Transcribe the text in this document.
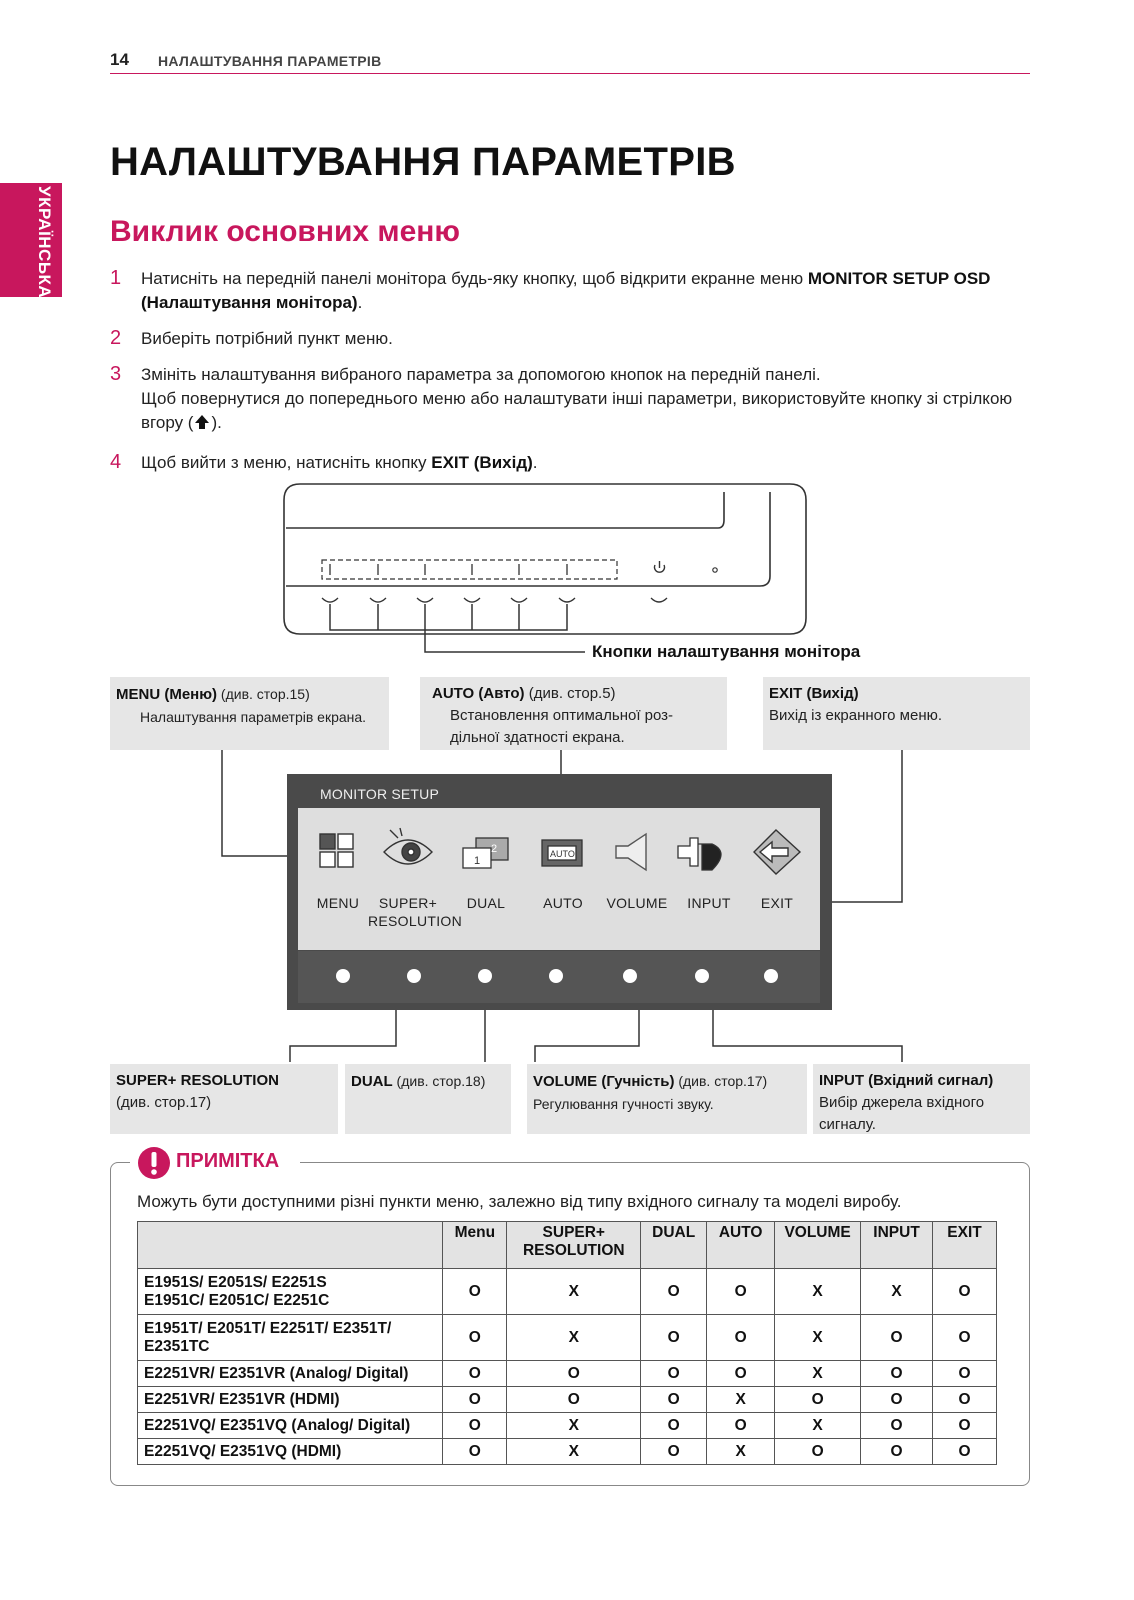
14 НАЛАШТУВАННЯ ПАРАМЕТРІВ
УКРАЇНСЬКА
НАЛАШТУВАННЯ ПАРАМЕТРІВ
Виклик основних меню
1 Натисніть на передній панелі монітора будь-яку кнопку, щоб відкрити екранне меню MONITOR SETUP OSD (Налаштування монітора).
2 Виберіть потрібний пункт меню.
3 Змініть налаштування вибраного параметра за допомогою кнопок на передній панелі.
Щоб повернутися до попереднього меню або налаштувати інші параметри, використовуйте кнопку зі стрілкою вгору ( ).
4 Щоб вийти з меню, натисніть кнопку EXIT (Вихід).
Кнопки налаштування монітора
MENU (Меню) (див. стор.15)
Налаштування параметрів екрана.
AUTO (Авто) (див. стор.5)
Встановлення оптимальної роз-
дільної здатності екрана.
EXIT (Вихід)
Вихід із екранного меню.
MONITOR SETUP
1
2	AUTO
MENU	SUPER+
RESOLUTION
DUAL	AUTO	VOLUME	INPUT	EXIT
SUPER+ RESOLUTION
(див. стор.17)
DUAL (див. стор.18)	VOLUME (Гучність) (див. стор.17)
Регулювання гучності звуку.
INPUT (Вхідний сигнал)
Вибір джерела вхідного
сигналу.
ПРИМІТКА
Можуть бути доступними різні пункти меню, залежно від типу вхідного сигналу та моделі виробу.
	Menu	SUPER+
RESOLUTION	DUAL	AUTO	VOLUME	INPUT	EXIT
E1951S/ E2051S/ E2251S
E1951C/ E2051C/ E2251C	O	X	O	O	X	X	O
E1951T/ E2051T/ E2251T/ E2351T/
E2351TC	O	X	O	O	X	O	O
E2251VR/ E2351VR (Analog/ Digital)	O	O	O	O	X	O	O
E2251VR/ E2351VR (HDMI)	O	O	O	X	O	O	O
E2251VQ/ E2351VQ (Analog/ Digital)	O	X	O	O	X	O	O
E2251VQ/ E2351VQ (HDMI)	O	X	O	X	O	O	O
